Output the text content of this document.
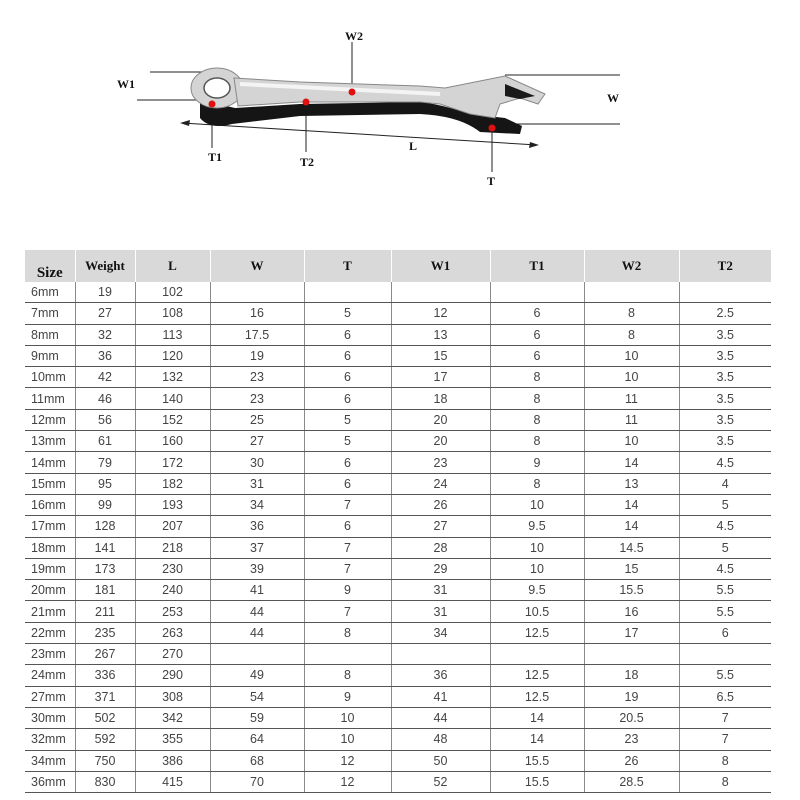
W1
W2
W
T1	T2
L
T
Size	Weight	L	W	T	W1	T1	W2	T2
6mm	19	102						
7mm	27	108	16	5	12	6	8	2.5
8mm	32	113	17.5	6	13	6	8	3.5
9mm	36	120	19	6	15	6	10	3.5
10mm	42	132	23	6	17	8	10	3.5
11mm	46	140	23	6	18	8	11	3.5
12mm	56	152	25	5	20	8	11	3.5
13mm	61	160	27	5	20	8	10	3.5
14mm	79	172	30	6	23	9	14	4.5
15mm	95	182	31	6	24	8	13	4
16mm	99	193	34	7	26	10	14	5
17mm	128	207	36	6	27	9.5	14	4.5
18mm	141	218	37	7	28	10	14.5	5
19mm	173	230	39	7	29	10	15	4.5
20mm	181	240	41	9	31	9.5	15.5	5.5
21mm	211	253	44	7	31	10.5	16	5.5
22mm	235	263	44	8	34	12.5	17	6
23mm	267	270						
24mm	336	290	49	8	36	12.5	18	5.5
27mm	371	308	54	9	41	12.5	19	6.5
30mm	502	342	59	10	44	14	20.5	7
32mm	592	355	64	10	48	14	23	7
34mm	750	386	68	12	50	15.5	26	8
36mm	830	415	70	12	52	15.5	28.5	8
